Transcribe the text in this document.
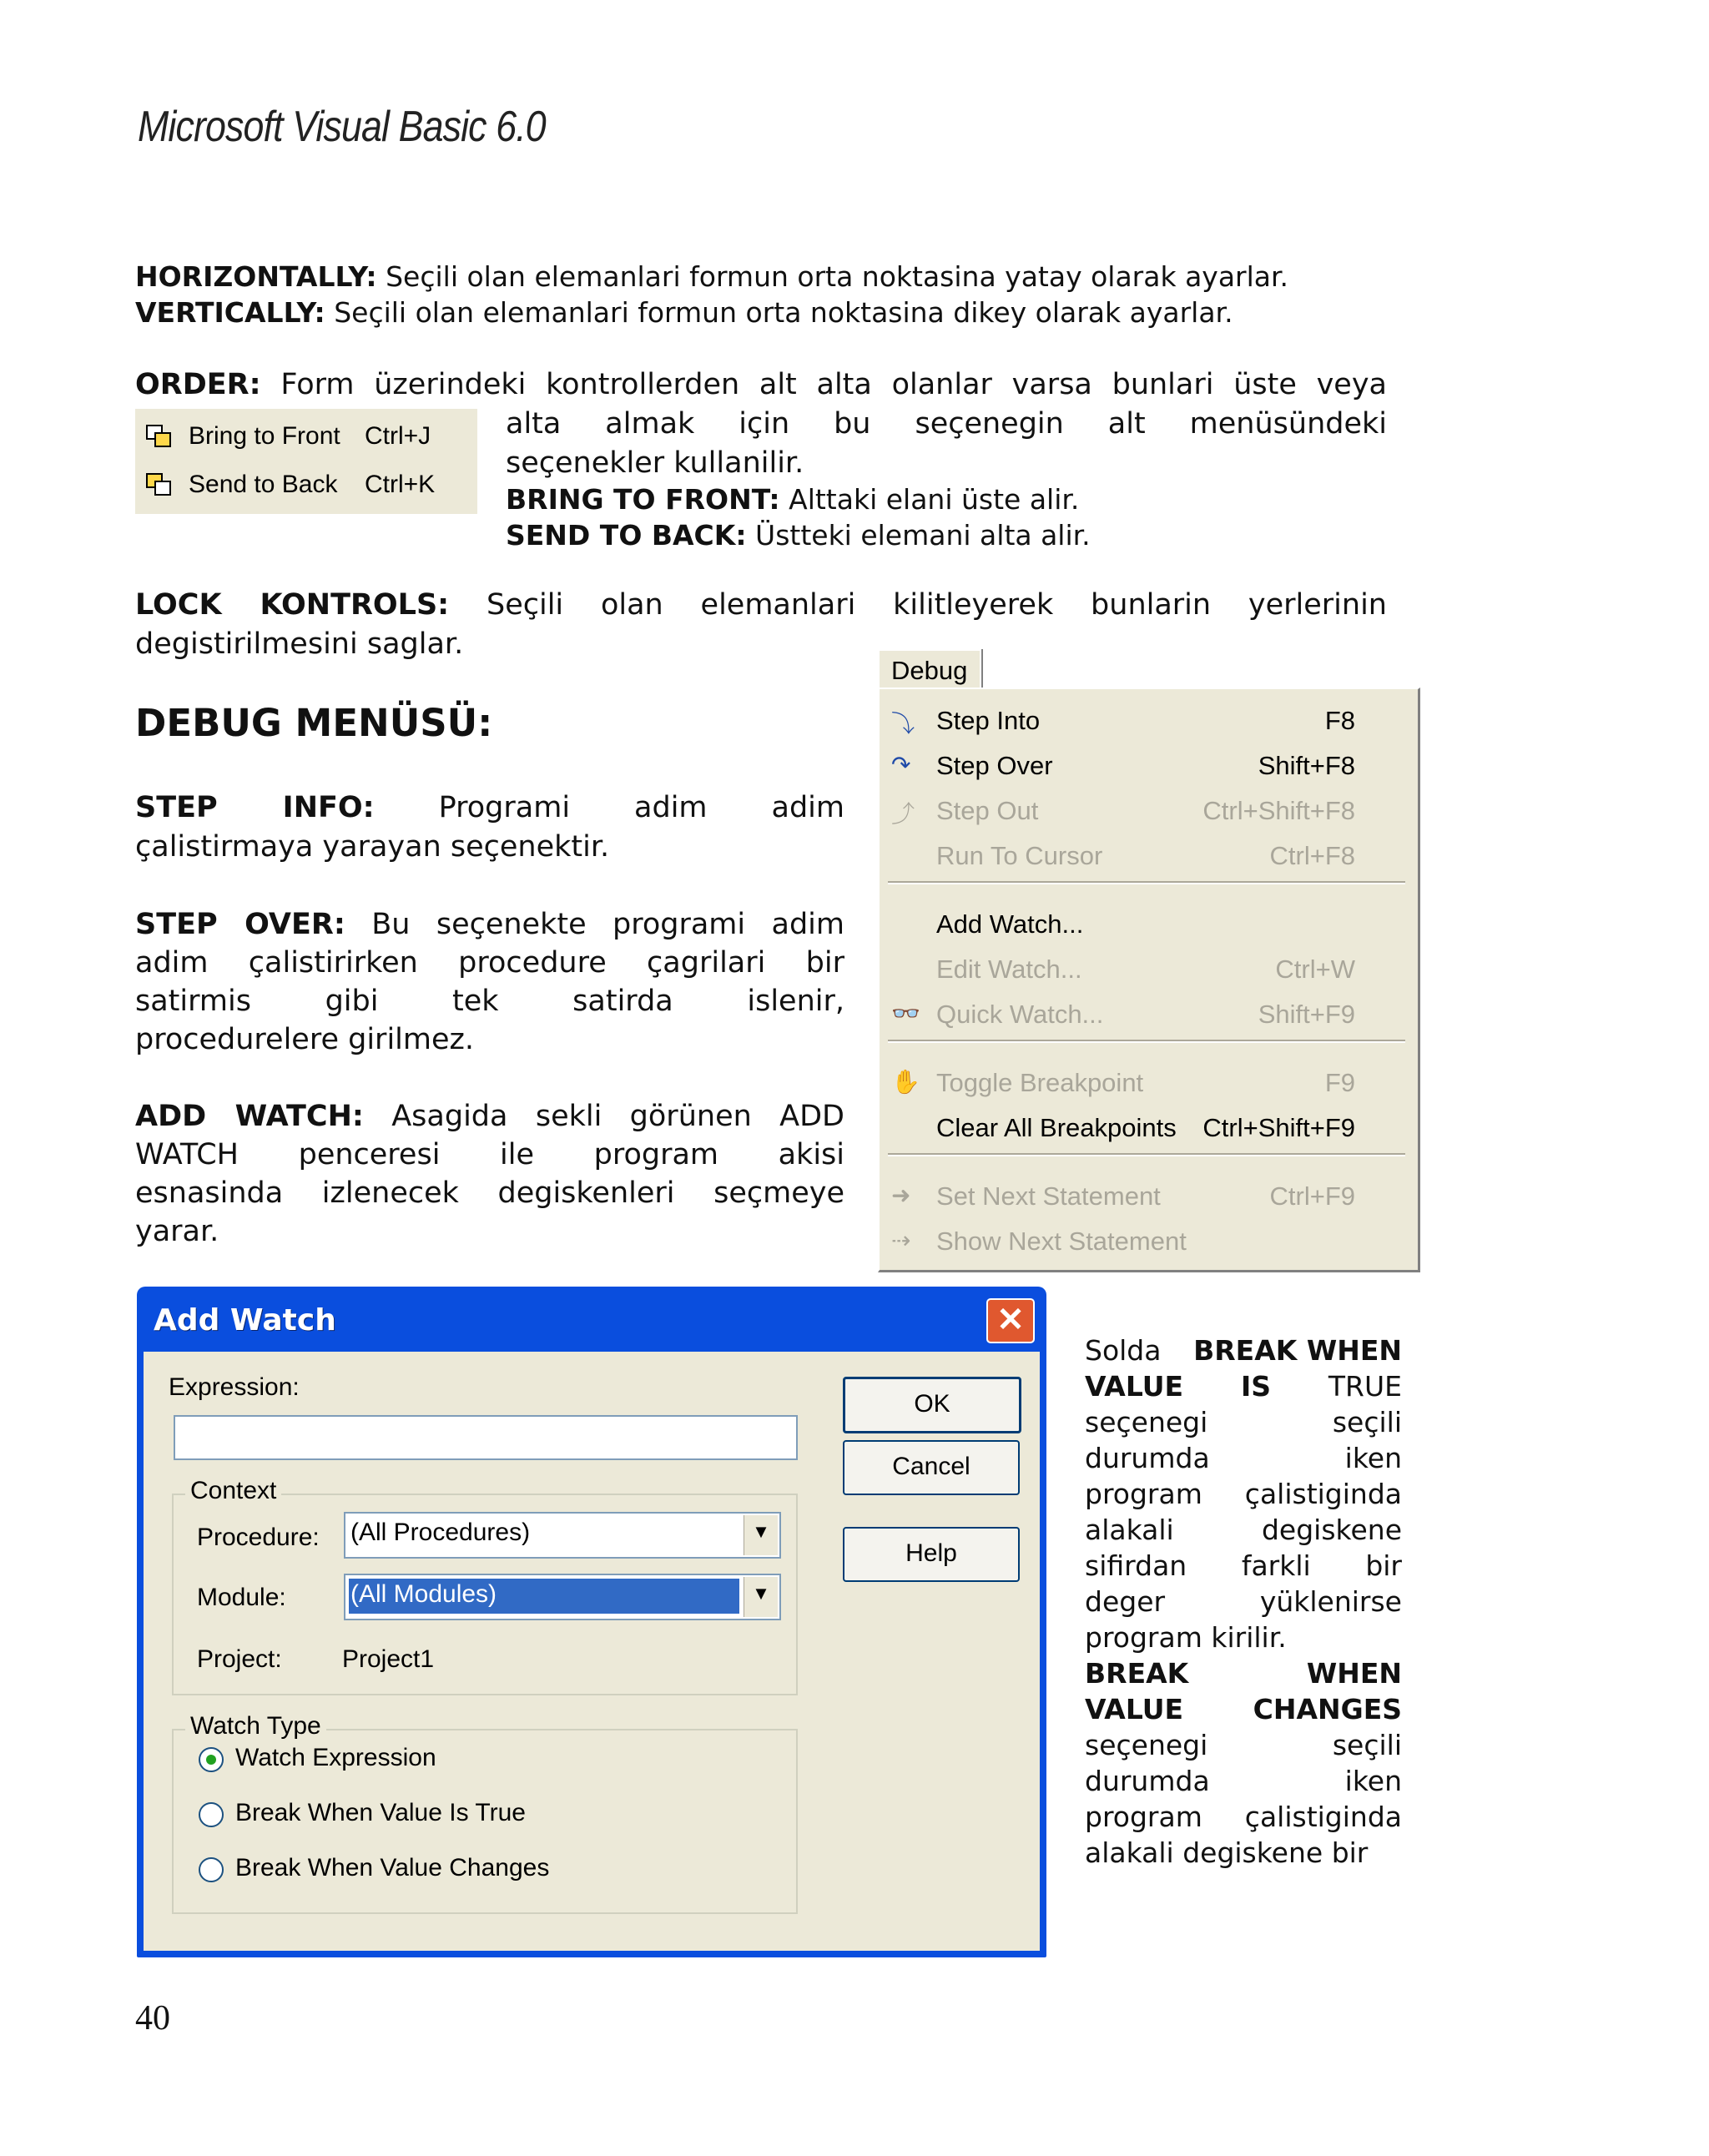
Microsoft Visual Basic 6.0
HORIZONTALLY: Seçili olan elemanlari formun orta noktasina yatay olarak ayarlar.
VERTICALLY: Seçili olan elemanlari formun orta noktasina dikey olarak ayarlar.
ORDER: Form üzerindeki kontrollerden alt alta olanlar varsa bunlari üste veya
alta almak için bu seçenegin alt menüsündeki
seçenekler kullanilir.
BRING TO FRONT: Alttaki elani üste alir.
SEND TO BACK: Üstteki elemani alta alir.
Bring to Front Ctrl+J
Send to Back Ctrl+K
LOCK KONTROLS: Seçili olan elemanlari kilitleyerek bunlarin yerlerinin
degistirilmesini saglar.
DEBUG MENÜSÜ:
STEP INFO: Programi adim adim
çalistirmaya yarayan seçenektir.
STEP OVER: Bu seçenekte programi adim
adim çalistirirken procedure çagrilari bir
satirmis gibi tek satirda islenir,
procedurelere girilmez.
ADD WATCH: Asagida sekli görünen ADD
WATCH penceresi ile program akisi
esnasinda izlenecek degiskenleri seçmeye
yarar.
Debug
⤵ Step Into	F8
↷ Step Over	Shift+F8
⤴ Step Out	Ctrl+Shift+F8
Run To Cursor	Ctrl+F8
Add Watch...
Edit Watch...	Ctrl+W
👓 Quick Watch...	Shift+F9
✋ Toggle Breakpoint	F9
Clear All Breakpoints Ctrl+Shift+F9
➜ Set Next Statement	Ctrl+F9
⇢ Show Next Statement
Add Watch	✕
Expression:
Context
Procedure: (All Procedures)	▼
Module:	(All Modules)	▼
Project: Project1
Watch Type
Watch Expression
Break When Value Is True
Break When Value Changes
OK
Cancel
Help
Solda BREAK WHEN
VALUE IS TRUE
seçenegi	seçili
durumda	iken
program çalistiginda
alakali	degiskene
sifirdan farkli bir
deger	yüklenirse
program kirilir.
BREAK	WHEN
VALUE	CHANGES
seçenegi	seçili
durumda	iken
program çalistiginda
alakali degiskene bir
40
